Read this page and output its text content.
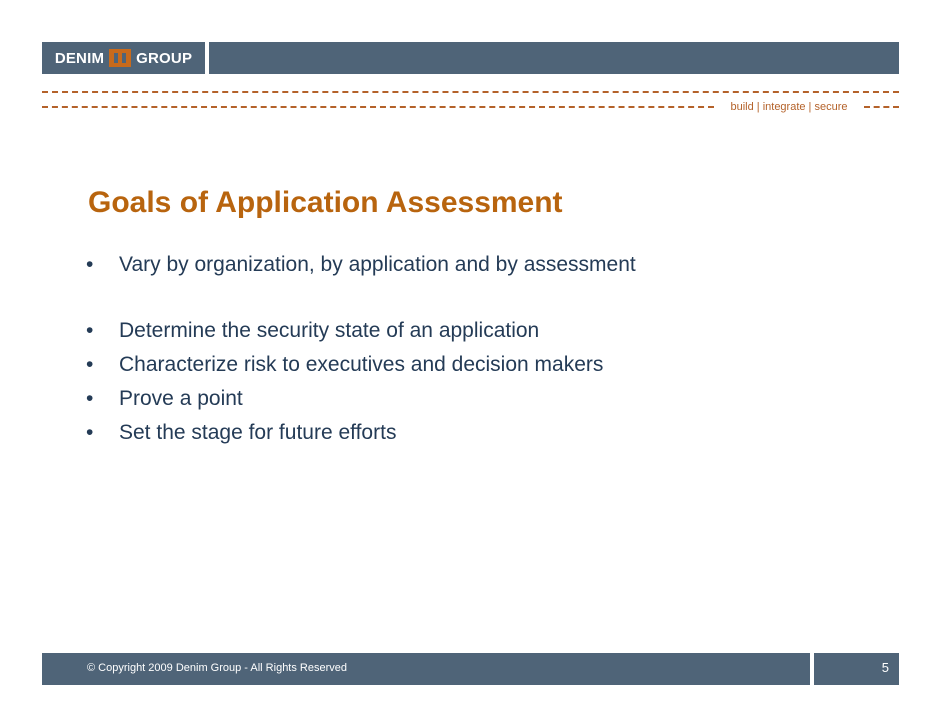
DENIM GROUP
build | integrate | secure
Goals of Application Assessment
• Vary by organization, by application and by assessment
• Determine the security state of an application
• Characterize risk to executives and decision makers
• Prove a point
• Set the stage for future efforts
© Copyright 2009 Denim Group - All Rights Reserved	5
